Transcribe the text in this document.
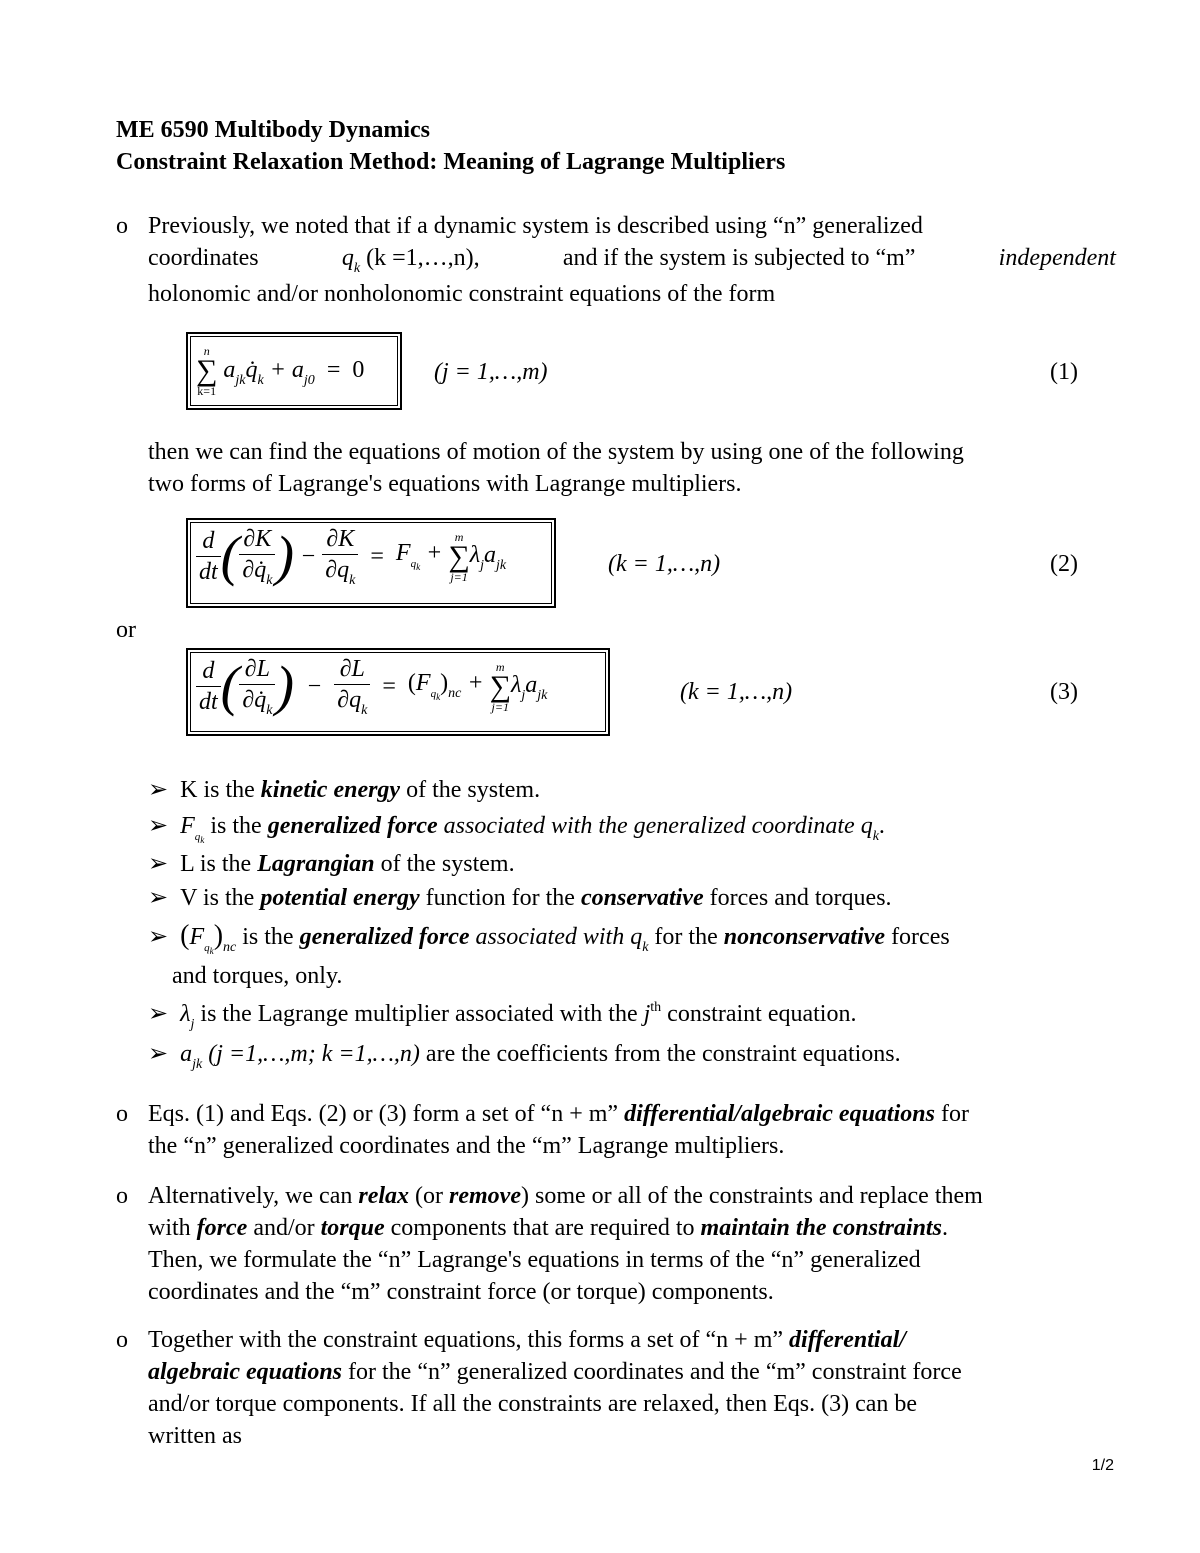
ME 6590 Multibody Dynamics
Constraint Relaxation Method: Meaning of Lagrange Multipliers
o Previously, we noted that if a dynamic system is described using “n” generalized
coordinates	$q_k$ (k =1,…,n),	and if the system is subjected to “m”	independent
holonomic and/or nonholonomic constraint equations of the form
n
∑
k=1
$a_{jk}q̇_k + a_{j0} = 0$	(j = 1,…,m)	(1)
then we can find the equations of motion of the system by using one of the following
two forms of Lagrange's equations with Lagrange multipliers.
$\frac{d}{dt}$ ( $\frac{\partial K}{\partial q̇_k}$ ) − $\frac{\partial K}{\partial q_k} = F_{q_k}$ +
m
∑
j=1
$\lambda_ja_{jk}$	(k = 1,…,n)	(2)
or
$\frac{d}{dt}$ ( $\frac{\partial L}{\partial q̇_k}$ )  − $\frac{\partial L}{\partial q_k} = (F_{q_k})_{nc}$ +
m
∑
j=1
$\lambda_ja_{jk}$	(k = 1,…,n)	(3)
➢ K is the kinetic energy of the system.
➢  $F_{q_k}$ is the generalized force associated with the generalized coordinate $q_k$.
➢ L is the Lagrangian of the system.
➢ V is the potential energy function for the conservative forces and torques.
➢ $(F_{q_k})_{nc}$ is the generalized force associated with $q_k$ for the nonconservative forces
and torques, only.
➢  $\lambda_j$ is the Lagrange multiplier associated with the $j^{th}$ constraint equation.
➢  $a_{jk}$ (j =1,…,m; k =1,…,n) are the coefficients from the constraint equations.
o Eqs. (1) and Eqs. (2) or (3) form a set of “n + m” differential/algebraic equations for
the “n” generalized coordinates and the “m” Lagrange multipliers.
o Alternatively, we can relax (or remove) some or all of the constraints and replace them
with force and/or torque components that are required to maintain the constraints.
Then, we formulate the “n” Lagrange's equations in terms of the “n” generalized
coordinates and the “m” constraint force (or torque) components.
o Together with the constraint equations, this forms a set of “n + m” differential/
algebraic equations for the “n” generalized coordinates and the “m” constraint force
and/or torque components. If all the constraints are relaxed, then Eqs. (3) can be
written as
1/2
